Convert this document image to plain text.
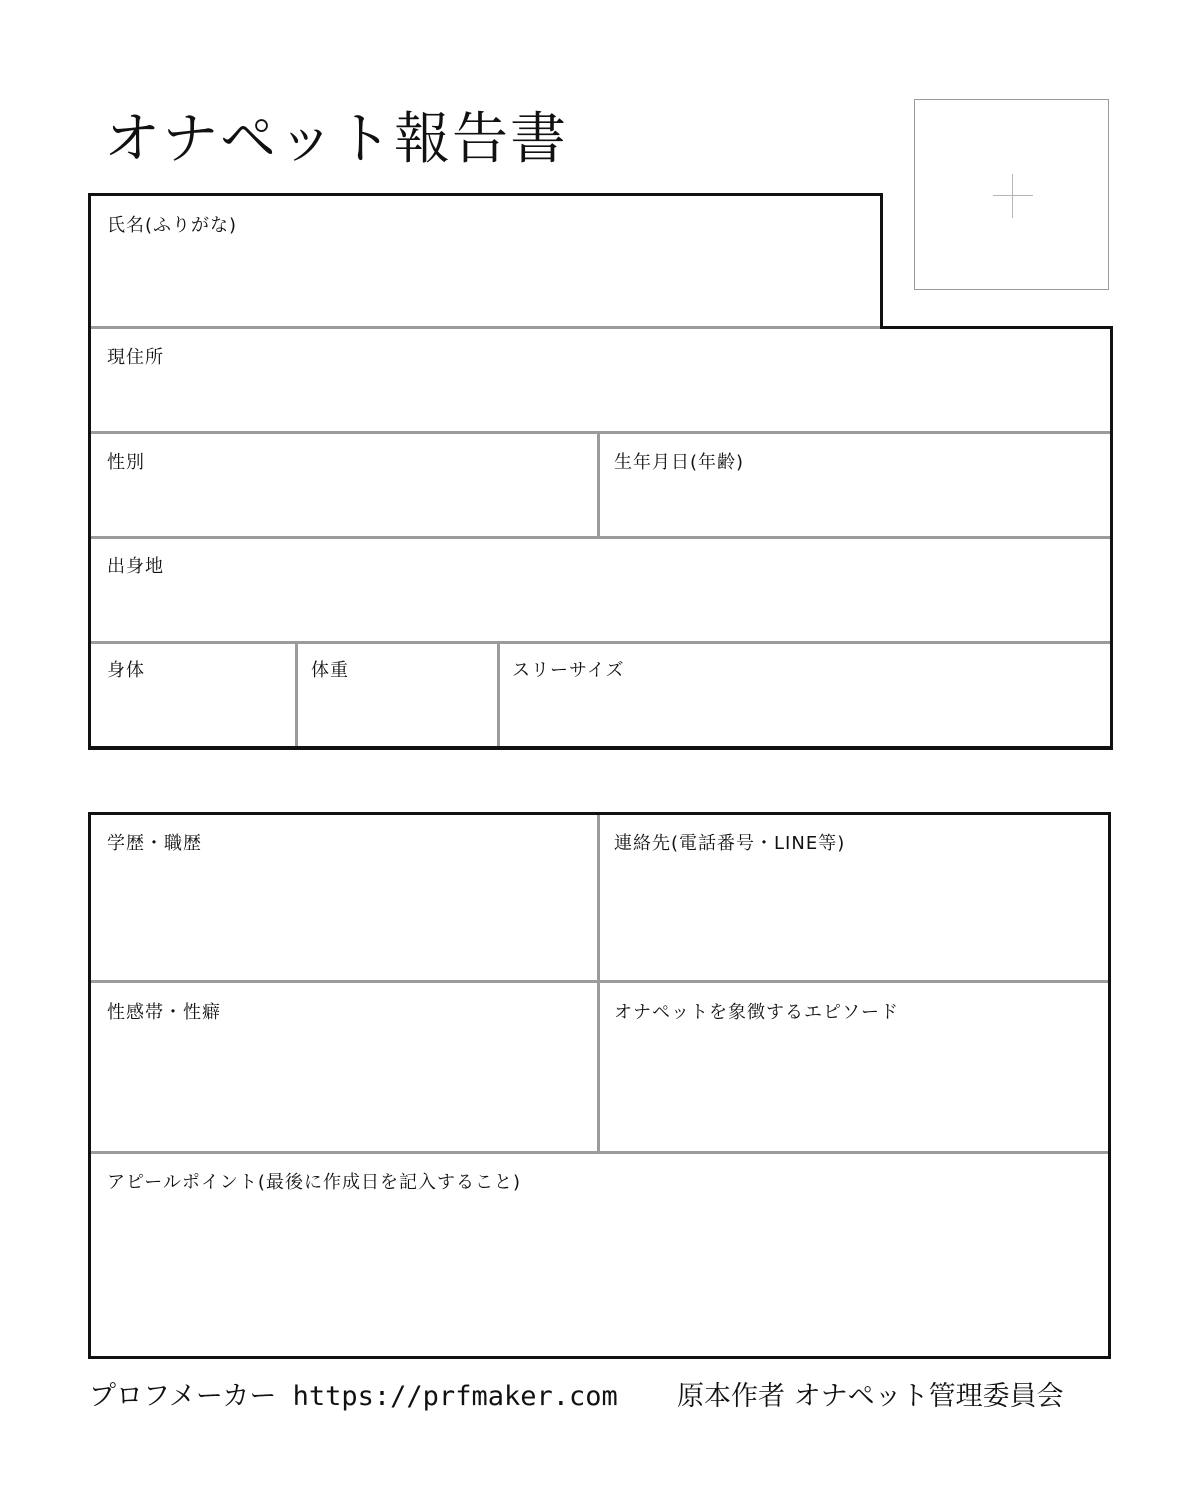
オナペット報告書
氏名(ふりがな)
現住所
性別	生年月日(年齢)
出身地
身体	体重	スリーサイズ
学歴・職歴	連絡先(電話番号・LINE等)
性感帯・性癖	オナペットを象徴するエピソード
アピールポイント(最後に作成日を記入すること)
プロフメーカー https://prfmaker.com 原本作者 オナペット管理委員会
